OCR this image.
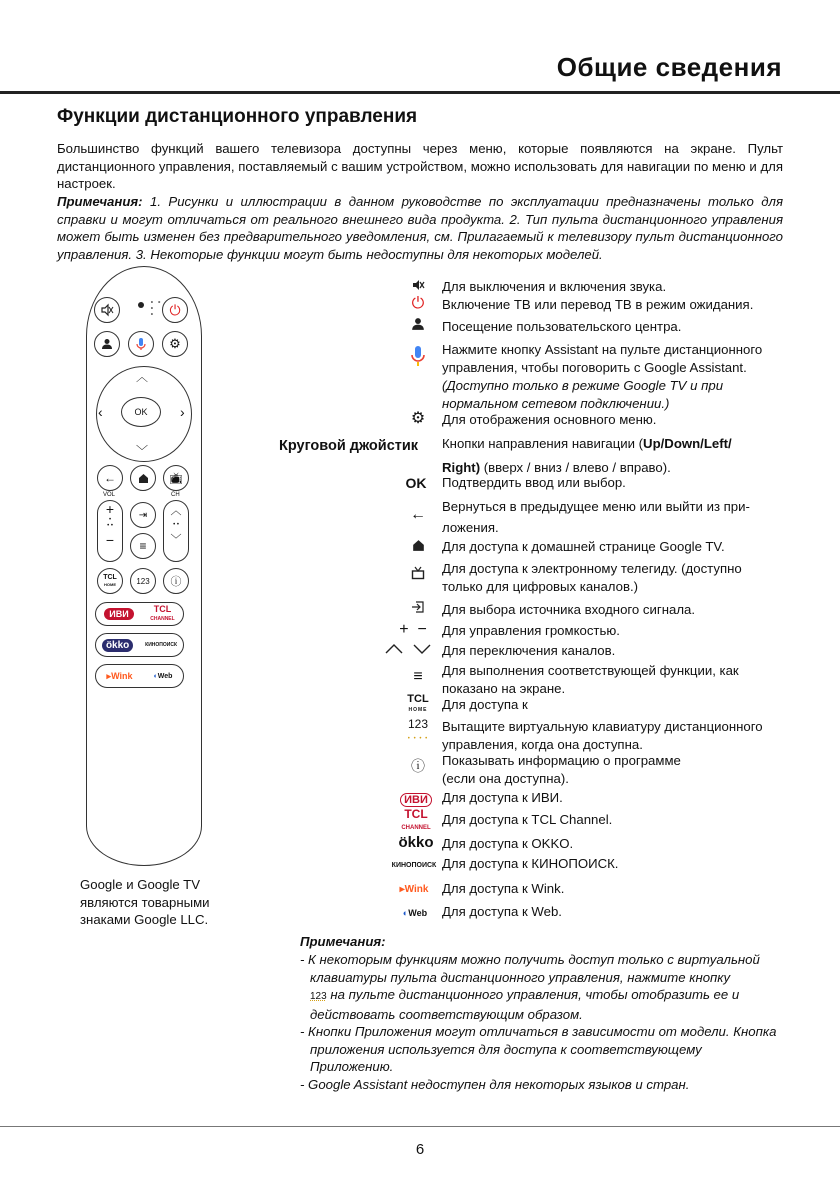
Общие сведения
Функции дистанционного управления
Большинство функций вашего телевизора доступны через меню, которые появляются на экране. Пульт дистанционного управления, поставляемый с вашим устройством, можно использовать для навигации по меню и для настроек.
Примечания: 1. Рисунки и иллюстрации в данном руководстве по эксплуатации предназначены только для справки и могут отличаться от реального внешнего вида продукта. 2. Тип пульта дистанционного управления может быть изменен без предварительного уведомления, см. Прилагаемый к телевизору пульт дистанционного управления. 3. Некоторые функции могут быть недоступны для некоторых моделей.
∘ ∘
∘
∘	⏻
⚙
︿
﹀
‹	›
OK
←	📺︎
VOL	CH
+
•
• •
−
⇥
≡
︿
• •
﹀
TCL
HOME	123	ⓘ
ИВИ	TCL
CHANNEL
ökko	КИНОПОИСК
▸Wink	◐Web
Круговой джойстик
Для выключения и включения звука.
⏻	Включение ТВ или перевод ТВ в режим ожидания.
Посещение пользовательского центра.
Нажмите кнопку Assistant на пульте дистанционного управления, чтобы поговорить с Google Assistant.
(Доступно только в режиме Google TV и при нормальном сетевом подключении.)
⚙	Для отображения основного меню.
Кнопки направления навигации (Up/Down/Left/
Right) (вверх / вниз / влево / вправо).
OK	Подтвердить ввод или выбор.
←	Вернуться в предыдущее меню или выйти из при-
ложения.
Для доступа к домашней странице Google TV.
Для доступа к электронному телегиду. (доступно только для цифровых каналов.)
Для выбора источника входного сигнала.
+  −	Для управления громкостью.
Для переключения каналов.
≡	Для выполнения соответствующей функции, как показано на экране.
TCL
HOME	Для доступа к
123
• • • •
Вытащите виртуальную клавиатуру дистанционного управления, когда она доступна.
ⓘ	Показывать информацию о программе (если она доступна).
ИВИ	Для доступа к ИВИ.
TCL
CHANNEL
Для доступа к TCL Channel.
ökko Для доступа к OKKO.
КИНОПОИСК Для доступа к КИНОПОИСК.
▸Wink	Для доступа к Wink.
◐Web	Для доступа к Web.
Google и Google TV являются товарными знаками Google LLC.
Примечания:

- К некоторым функциям можно получить доступ только с виртуальной клавиатуры пульта дистанционного управления, нажмите кнопку
123 на пульте дистанционного управления, чтобы отобразить ее и действовать соответствующим образом.

- Кнопки Приложения могут отличаться в зависимости от модели. Кнопка приложения используется для доступа к соответствующему Приложению.

- Google Assistant недоступен для некоторых языков и стран.

6
